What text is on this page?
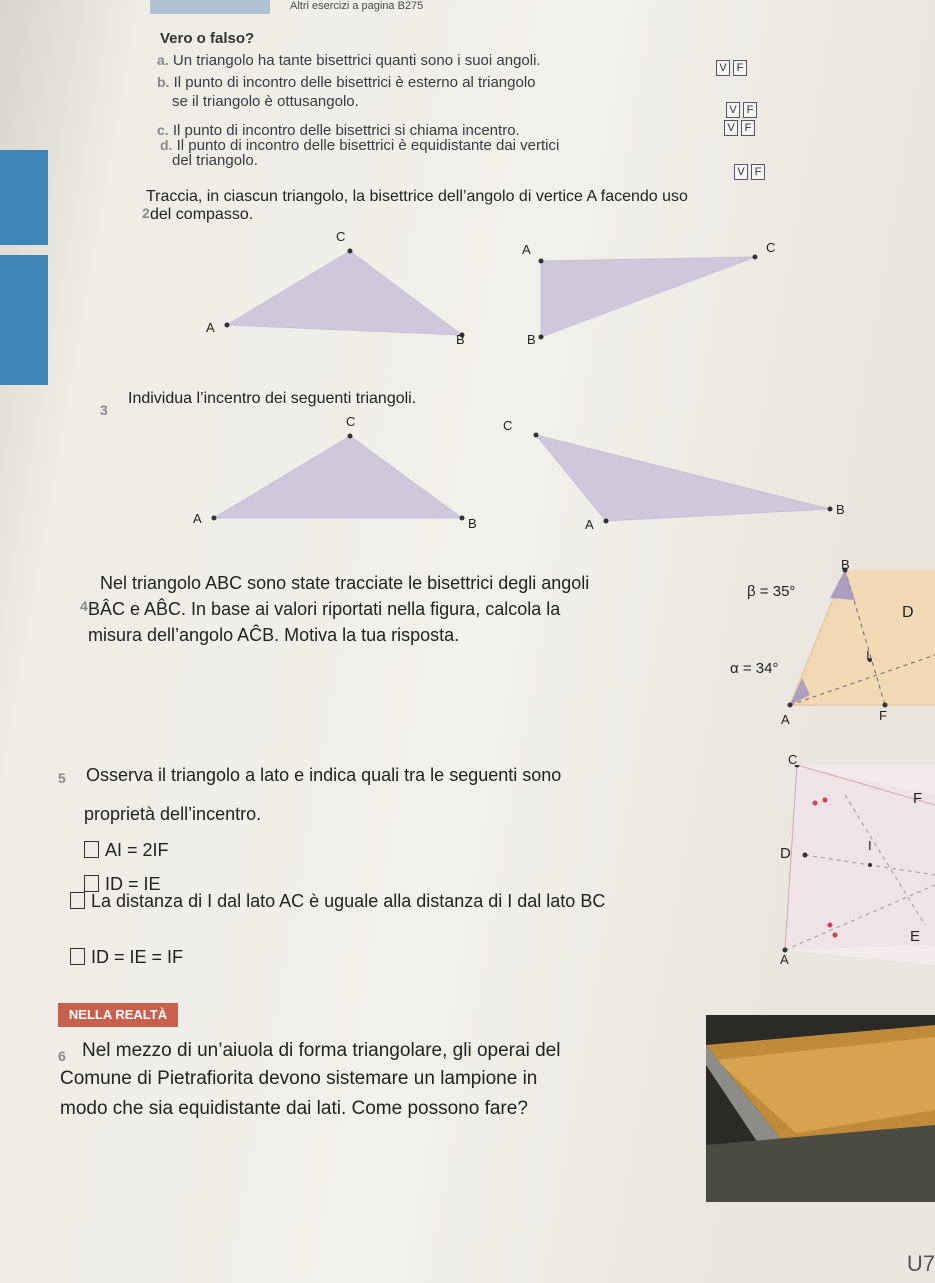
Altri esercizi a pagina B275
Vero o falso?
a. Un triangolo ha tante bisettrici quanti sono i suoi angoli.	V F
b. Il punto di incontro delle bisettrici è esterno al triangolo
se il triangolo è ottusangolo.	V F
c. Il punto di incontro delle bisettrici si chiama incentro.	V F
d. Il punto di incontro delle bisettrici è equidistante dai vertici
del triangolo.
V F
2
Traccia, in ciascun triangolo, la bisettrice dell’angolo di vertice A facendo uso
del compasso.
C
A
B
A	C
B
3
Individua l’incentro dei seguenti triangoli.
C
A	B
C
B
A
4
Nel triangolo ABC sono state tracciate le bisettrici degli angoli
BÂC e AB̂C. In base ai valori riportati nella figura, calcola la
misura dell’angolo AĈB. Motiva la tua risposta.
B
D
I
A	F
β = 35°
α = 34°
5 Osserva il triangolo a lato e indica quali tra le seguenti sono
proprietà dell’incentro.
AI = 2IF
ID = IE
La distanza di I dal lato AC è uguale alla distanza di I dal lato BC
ID = IE = IF
C
F
D	I
E
A
NELLA REALTÀ
6 Nel mezzo di un’aiuola di forma triangolare, gli operai del
Comune di Pietrafiorita devono sistemare un lampione in
modo che sia equidistante dai lati. Come possono fare?
U7
